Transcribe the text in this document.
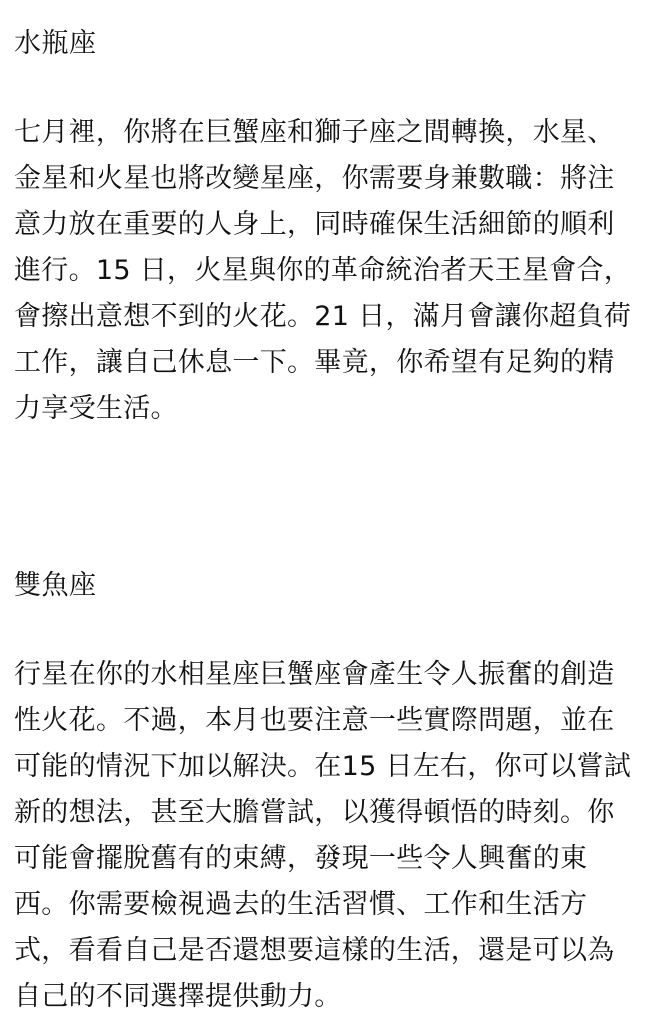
水瓶座

七月裡，你將在巨蟹座和獅子座之間轉換，水星、
金星和火星也將改變星座，你需要身兼數職：將注
意力放在重要的人身上，同時確保生活細節的順利
進行。15 日，火星與你的革命統治者天王星會合，
會擦出意想不到的火花。21 日，滿月會讓你超負荷
工作，讓自己休息一下。畢竟，你希望有足夠的精
力享受生活。

雙魚座

行星在你的水相星座巨蟹座會產生令人振奮的創造
性火花。不過，本月也要注意一些實際問題，並在
可能的情況下加以解決。在15 日左右，你可以嘗試
新的想法，甚至大膽嘗試，以獲得頓悟的時刻。你
可能會擺脫舊有的束縛，發現一些令人興奮的東
西。你需要檢視過去的生活習慣、工作和生活方
式，看看自己是否還想要這樣的生活，還是可以為
自己的不同選擇提供動力。
